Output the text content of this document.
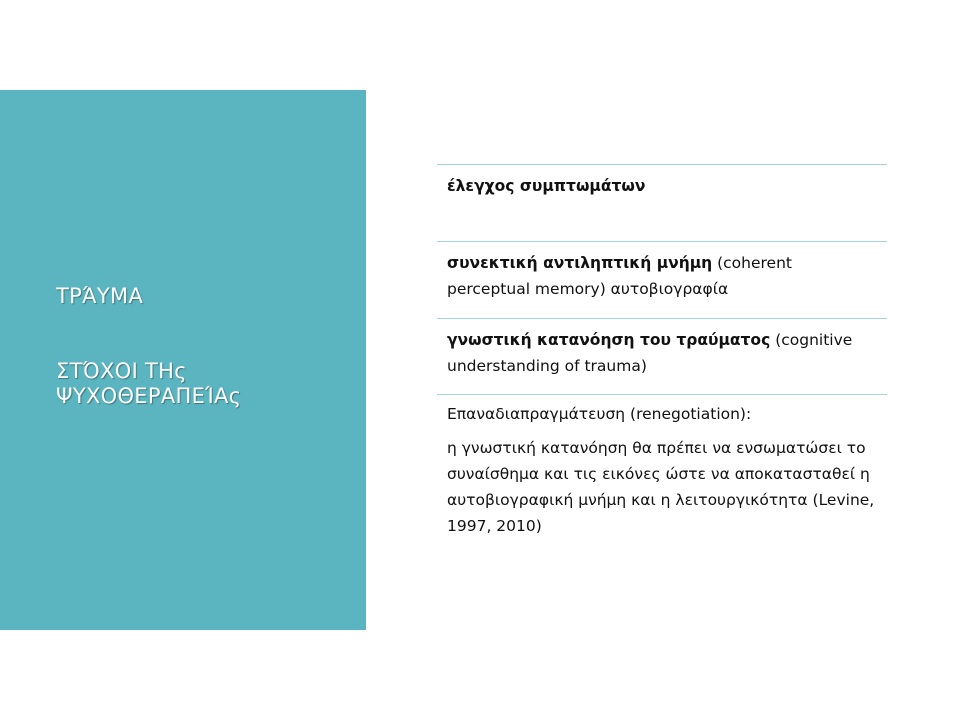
ΤΡΆΥΜΑ
ΣΤΌΧΟΙ ΤΗς
ΨΥΧΟΘΕΡΑΠΕΊΑς
έλεγχος συμπτωμάτων
συνεκτική αντιληπτική μνήμη (coherent perceptual memory) αυτοβιογραφία
γνωστική κατανόηση του τραύματος (cognitive understanding of trauma)
Επαναδιαπραγμάτευση (renegotiation):
η γνωστική κατανόηση θα πρέπει να ενσωματώσει το συναίσθημα και τις εικόνες ώστε να αποκατασταθεί η αυτοβιογραφική μνήμη και η λειτουργικότητα (Levine, 1997, 2010)
